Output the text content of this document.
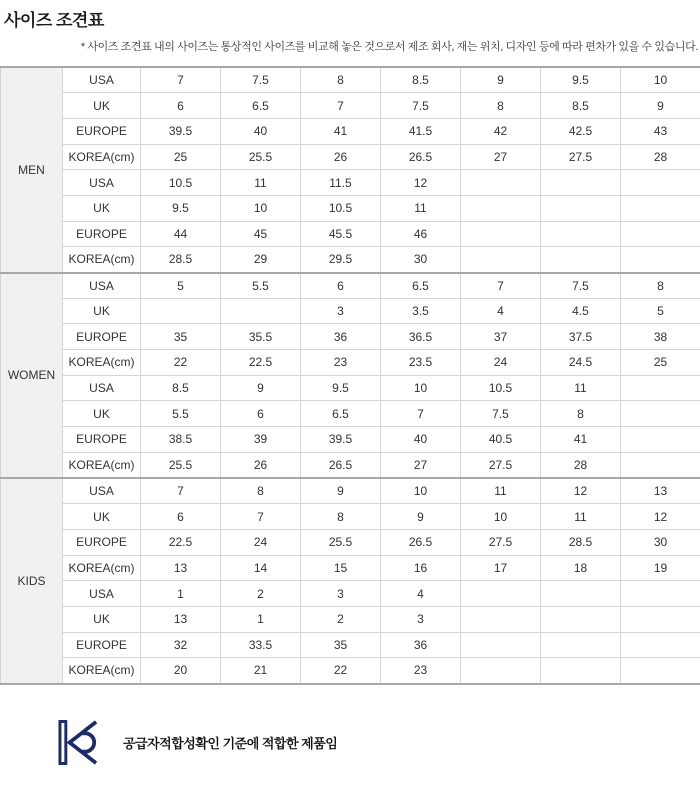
사이즈 조견표

* 사이즈 조견표 내의 사이즈는 통상적인 사이즈를 비교해 놓은 것으로서 제조 회사, 재는 위치, 디자인 등에 따라 편차가 있을 수 있습니다.

MEN	USA	7	7.5	8	8.5	9	9.5	10
	UK	6	6.5	7	7.5	8	8.5	9
	EUROPE	39.5	40	41	41.5	42	42.5	43
	KOREA(cm)	25	25.5	26	26.5	27	27.5	28
	USA	10.5	11	11.5	12			
	UK	9.5	10	10.5	11			
	EUROPE	44	45	45.5	46			
	KOREA(cm)	28.5	29	29.5	30			
WOMEN	USA	5	5.5	6	6.5	7	7.5	8
	UK			3	3.5	4	4.5	5
	EUROPE	35	35.5	36	36.5	37	37.5	38
	KOREA(cm)	22	22.5	23	23.5	24	24.5	25
	USA	8.5	9	9.5	10	10.5	11	
	UK	5.5	6	6.5	7	7.5	8	
	EUROPE	38.5	39	39.5	40	40.5	41	
	KOREA(cm)	25.5	26	26.5	27	27.5	28	
KIDS	USA	7	8	9	10	11	12	13
	UK	6	7	8	9	10	11	12
	EUROPE	22.5	24	25.5	26.5	27.5	28.5	30
	KOREA(cm)	13	14	15	16	17	18	19
	USA	1	2	3	4			
	UK	13	1	2	3			
	EUROPE	32	33.5	35	36			
	KOREA(cm)	20	21	22	23			
공급자적합성확인 기준에 적합한 제품임
